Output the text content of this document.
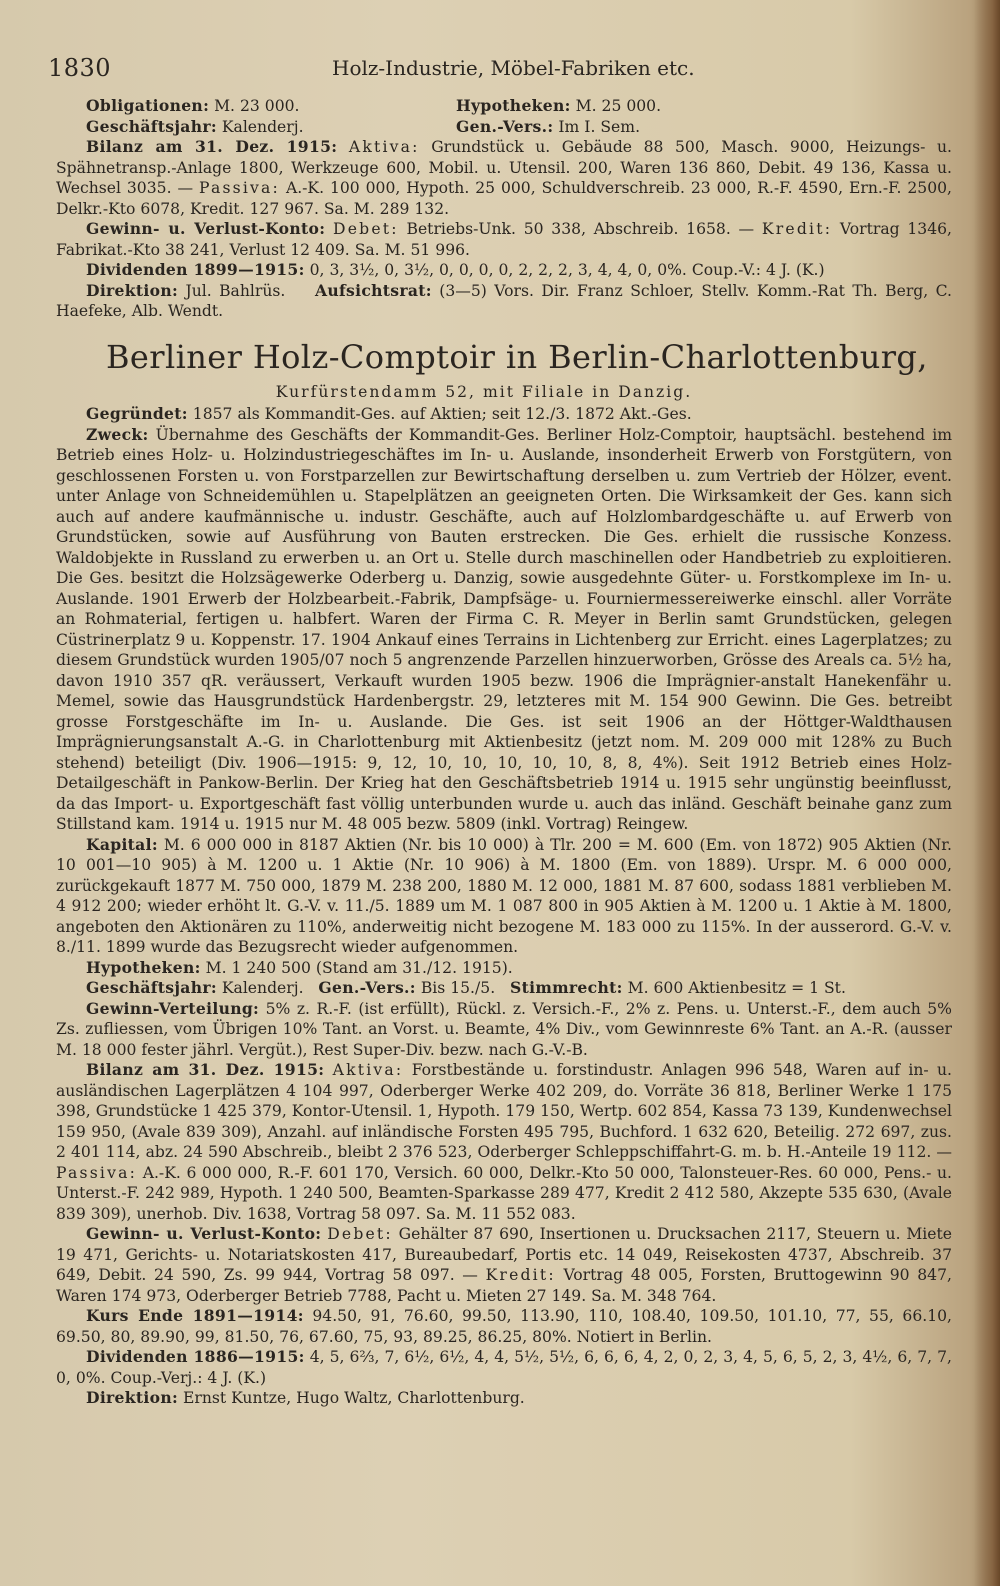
1830	Holz-Industrie, Möbel-Fabriken etc.
Obligationen: M. 23 000.	Hypotheken: M. 25 000.
Geschäftsjahr: Kalenderj.	Gen.-Vers.: Im I. Sem.

Bilanz am 31. Dez. 1915: Aktiva: Grundstück u. Gebäude 88 500, Masch. 9000, Heizungs- u. Spähnetransp.-Anlage 1800, Werkzeuge 600, Mobil. u. Utensil. 200, Waren 136 860, Debit. 49 136, Kassa u. Wechsel 3035. — Passiva: A.-K. 100 000, Hypoth. 25 000, Schuldverschreib. 23 000, R.-F. 4590, Ern.-F. 2500, Delkr.-Kto 6078, Kredit. 127 967. Sa. M. 289 132.

Gewinn- u. Verlust-Konto: Debet: Betriebs-Unk. 50 338, Abschreib. 1658. — Kredit: Vortrag 1346, Fabrikat.-Kto 38 241, Verlust 12 409. Sa. M. 51 996.

Dividenden 1899—1915: 0, 3, 3½, 0, 3½, 0, 0, 0, 0, 2, 2, 2, 3, 4, 4, 0, 0%. Coup.-V.: 4 J. (K.)

Direktion: Jul. Bahlrüs. Aufsichtsrat: (3—5) Vors. Dir. Franz Schloer, Stellv. Komm.-Rat Th. Berg, C. Haefeke, Alb. Wendt.

Berliner Holz-Comptoir in Berlin-Charlottenburg,
Kurfürstendamm 52, mit Filiale in Danzig.

Gegründet: 1857 als Kommandit-Ges. auf Aktien; seit 12./3. 1872 Akt.-Ges.

Zweck: Übernahme des Geschäfts der Kommandit-Ges. Berliner Holz-Comptoir, hauptsächl. bestehend im Betrieb eines Holz- u. Holzindustriegeschäftes im In- u. Auslande, insonderheit Erwerb von Forstgütern, von geschlossenen Forsten u. von Forstparzellen zur Bewirtschaftung derselben u. zum Vertrieb der Hölzer, event. unter Anlage von Schneidemühlen u. Stapelplätzen an geeigneten Orten. Die Wirksamkeit der Ges. kann sich auch auf andere kaufmännische u. industr. Geschäfte, auch auf Holzlombardgeschäfte u. auf Erwerb von Grundstücken, sowie auf Ausführung von Bauten erstrecken. Die Ges. erhielt die russische Konzess. Waldobjekte in Russland zu erwerben u. an Ort u. Stelle durch maschinellen oder Handbetrieb zu exploitieren. Die Ges. besitzt die Holzsägewerke Oderberg u. Danzig, sowie ausgedehnte Güter- u. Forstkomplexe im In- u. Auslande. 1901 Erwerb der Holzbearbeit.-Fabrik, Dampfsäge- u. Fourniermessereiwerke einschl. aller Vorräte an Rohmaterial, fertigen u. halbfert. Waren der Firma C. R. Meyer in Berlin samt Grundstücken, gelegen Cüstrinerplatz 9 u. Koppenstr. 17. 1904 Ankauf eines Terrains in Lichtenberg zur Erricht. eines Lagerplatzes; zu diesem Grundstück wurden 1905/07 noch 5 angrenzende Parzellen hinzuerworben, Grösse des Areals ca. 5½ ha, davon 1910 357 qR. veräussert, Verkauft wurden 1905 bezw. 1906 die Imprägnier-anstalt Hanekenfähr u. Memel, sowie das Hausgrundstück Hardenbergstr. 29, letzteres mit M. 154 900 Gewinn. Die Ges. betreibt grosse Forstgeschäfte im In- u. Auslande. Die Ges. ist seit 1906 an der Höttger-Waldthausen Imprägnierungsanstalt A.-G. in Charlottenburg mit Aktienbesitz (jetzt nom. M. 209 000 mit 128% zu Buch stehend) beteiligt (Div. 1906—1915: 9, 12, 10, 10, 10, 10, 10, 8, 8, 4%). Seit 1912 Betrieb eines Holz-Detailgeschäft in Pankow-Berlin. Der Krieg hat den Geschäftsbetrieb 1914 u. 1915 sehr ungünstig beeinflusst, da das Import- u. Exportgeschäft fast völlig unterbunden wurde u. auch das inländ. Geschäft beinahe ganz zum Stillstand kam. 1914 u. 1915 nur M. 48 005 bezw. 5809 (inkl. Vortrag) Reingew.

Kapital: M. 6 000 000 in 8187 Aktien (Nr. bis 10 000) à Tlr. 200 = M. 600 (Em. von 1872) 905 Aktien (Nr. 10 001—10 905) à M. 1200 u. 1 Aktie (Nr. 10 906) à M. 1800 (Em. von 1889). Urspr. M. 6 000 000, zurückgekauft 1877 M. 750 000, 1879 M. 238 200, 1880 M. 12 000, 1881 M. 87 600, sodass 1881 verblieben M. 4 912 200; wieder erhöht lt. G.-V. v. 11./5. 1889 um M. 1 087 800 in 905 Aktien à M. 1200 u. 1 Aktie à M. 1800, angeboten den Aktionären zu 110%, anderweitig nicht bezogene M. 183 000 zu 115%. In der ausserord. G.-V. v. 8./11. 1899 wurde das Bezugsrecht wieder aufgenommen.

Hypotheken: M. 1 240 500 (Stand am 31./12. 1915).

Geschäftsjahr: Kalenderj. Gen.-Vers.: Bis 15./5. Stimmrecht: M. 600 Aktienbesitz = 1 St.

Gewinn-Verteilung: 5% z. R.-F. (ist erfüllt), Rückl. z. Versich.-F., 2% z. Pens. u. Unterst.-F., dem auch 5% Zs. zufliessen, vom Übrigen 10% Tant. an Vorst. u. Beamte, 4% Div., vom Gewinnreste 6% Tant. an A.-R. (ausser M. 18 000 fester jährl. Vergüt.), Rest Super-Div. bezw. nach G.-V.-B.

Bilanz am 31. Dez. 1915: Aktiva: Forstbestände u. forstindustr. Anlagen 996 548, Waren auf in- u. ausländischen Lagerplätzen 4 104 997, Oderberger Werke 402 209, do. Vorräte 36 818, Berliner Werke 1 175 398, Grundstücke 1 425 379, Kontor-Utensil. 1, Hypoth. 179 150, Wertp. 602 854, Kassa 73 139, Kundenwechsel 159 950, (Avale 839 309), Anzahl. auf inländische Forsten 495 795, Buchford. 1 632 620, Beteilig. 272 697, zus. 2 401 114, abz. 24 590 Abschreib., bleibt 2 376 523, Oderberger Schleppschiffahrt-G. m. b. H.-Anteile 19 112. — Passiva: A.-K. 6 000 000, R.-F. 601 170, Versich. 60 000, Delkr.-Kto 50 000, Talonsteuer-Res. 60 000, Pens.- u. Unterst.-F. 242 989, Hypoth. 1 240 500, Beamten-Sparkasse 289 477, Kredit 2 412 580, Akzepte 535 630, (Avale 839 309), unerhob. Div. 1638, Vortrag 58 097. Sa. M. 11 552 083.

Gewinn- u. Verlust-Konto: Debet: Gehälter 87 690, Insertionen u. Drucksachen 2117, Steuern u. Miete 19 471, Gerichts- u. Notariatskosten 417, Bureaubedarf, Portis etc. 14 049, Reisekosten 4737, Abschreib. 37 649, Debit. 24 590, Zs. 99 944, Vortrag 58 097. — Kredit: Vortrag 48 005, Forsten, Bruttogewinn 90 847, Waren 174 973, Oderberger Betrieb 7788, Pacht u. Mieten 27 149. Sa. M. 348 764.

Kurs Ende 1891—1914: 94.50, 91, 76.60, 99.50, 113.90, 110, 108.40, 109.50, 101.10, 77, 55, 66.10, 69.50, 80, 89.90, 99, 81.50, 76, 67.60, 75, 93, 89.25, 86.25, 80%. Notiert in Berlin.

Dividenden 1886—1915: 4, 5, 6⅔, 7, 6½, 6½, 4, 4, 5½, 5½, 6, 6, 6, 4, 2, 0, 2, 3, 4, 5, 6, 5, 2, 3, 4½, 6, 7, 7, 0, 0%. Coup.-Verj.: 4 J. (K.)

Direktion: Ernst Kuntze, Hugo Waltz, Charlottenburg.
